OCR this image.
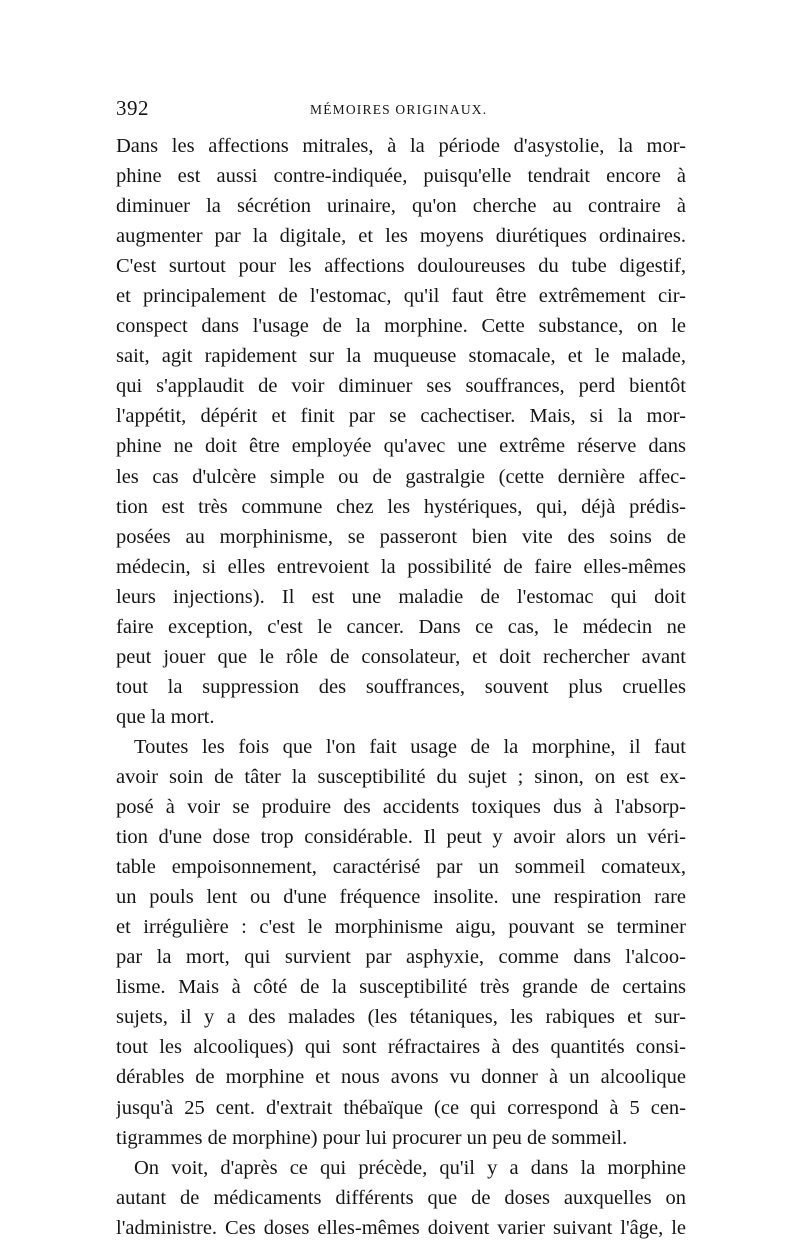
392	MÉMOIRES ORIGINAUX.
Dans les affections mitrales, à la période d'asystolie, la mor-
phine est aussi contre-indiquée, puisqu'elle tendrait encore à
diminuer la sécrétion urinaire, qu'on cherche au contraire à
augmenter par la digitale, et les moyens diurétiques ordinaires.
C'est surtout pour les affections douloureuses du tube digestif,
et principalement de l'estomac, qu'il faut être extrêmement cir-
conspect dans l'usage de la morphine. Cette substance, on le
sait, agit rapidement sur la muqueuse stomacale, et le malade,
qui s'applaudit de voir diminuer ses souffrances, perd bientôt
l'appétit, dépérit et finit par se cachectiser. Mais, si la mor-
phine ne doit être employée qu'avec une extrême réserve dans
les cas d'ulcère simple ou de gastralgie (cette dernière affec-
tion est très commune chez les hystériques, qui, déjà prédis-
posées au morphinisme, se passeront bien vite des soins de
médecin, si elles entrevoient la possibilité de faire elles-mêmes
leurs injections). Il est une maladie de l'estomac qui doit
faire exception, c'est le cancer. Dans ce cas, le médecin ne
peut jouer que le rôle de consolateur, et doit rechercher avant
tout la suppression des souffrances, souvent plus cruelles
que la mort.
Toutes les fois que l'on fait usage de la morphine, il faut
avoir soin de tâter la susceptibilité du sujet ; sinon, on est ex-
posé à voir se produire des accidents toxiques dus à l'absorp-
tion d'une dose trop considérable. Il peut y avoir alors un véri-
table empoisonnement, caractérisé par un sommeil comateux,
un pouls lent ou d'une fréquence insolite. une respiration rare
et irrégulière : c'est le morphinisme aigu, pouvant se terminer
par la mort, qui survient par asphyxie, comme dans l'alcoo-
lisme. Mais à côté de la susceptibilité très grande de certains
sujets, il y a des malades (les tétaniques, les rabiques et sur-
tout les alcooliques) qui sont réfractaires à des quantités consi-
dérables de morphine et nous avons vu donner à un alcoolique
jusqu'à 25 cent. d'extrait thébaïque (ce qui correspond à 5 cen-
tigrammes de morphine) pour lui procurer un peu de sommeil.
On voit, d'après ce qui précède, qu'il y a dans la morphine
autant de médicaments différents que de doses auxquelles on
l'administre. Ces doses elles-mêmes doivent varier suivant l'âge, le
